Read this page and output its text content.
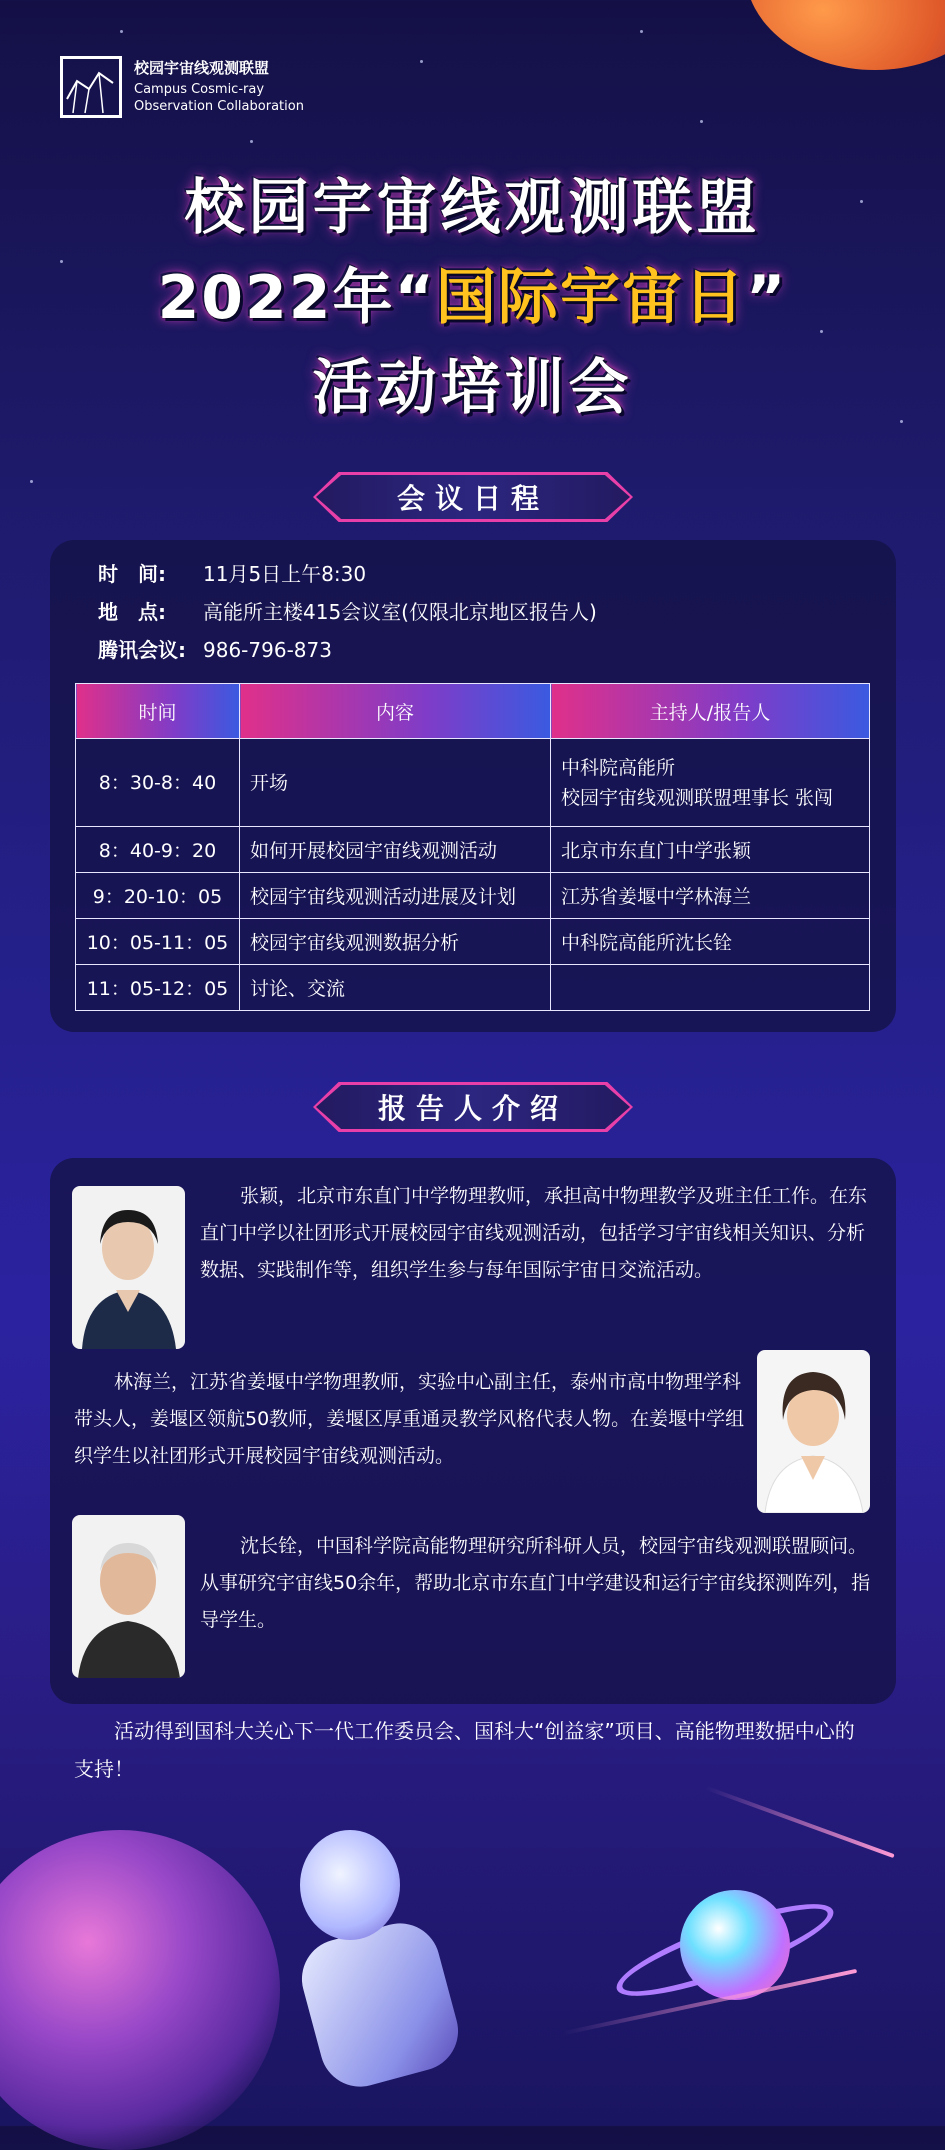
校园宇宙线观测联盟
Campus Cosmic-ray
Observation Collaboration
校园宇宙线观测联盟
2022年“国际宇宙日”
活动培训会
会议日程
时　间: 11月5日上午8:30
地　点: 高能所主楼415会议室(仅限北京地区报告人)
腾讯会议: 986-796-873
时间	内容	主持人/报告人
8：30-8：40	开场	中科院高能所
校园宇宙线观测联盟理事长 张闯

8：40-9：20	如何开展校园宇宙线观测活动	北京市东直门中学张颖
9：20-10：05	校园宇宙线观测活动进展及计划	江苏省姜堰中学林海兰
10：05-11：05	校园宇宙线观测数据分析	中科院高能所沈长铨
11：05-12：05	讨论、交流	
报告人介绍
张颖，北京市东直门中学物理教师，承担高中物理教学及班主任工作。在东直门中学以社团形式开展校园宇宙线观测活动，包括学习宇宙线相关知识、分析数据、实践制作等，组织学生参与每年国际宇宙日交流活动。
林海兰，江苏省姜堰中学物理教师，实验中心副主任，泰州市高中物理学科带头人，姜堰区领航50教师，姜堰区厚重通灵教学风格代表人物。在姜堰中学组织学生以社团形式开展校园宇宙线观测活动。
沈长铨，中国科学院高能物理研究所科研人员，校园宇宙线观测联盟顾问。从事研究宇宙线50余年，帮助北京市东直门中学建设和运行宇宙线探测阵列，指导学生。
活动得到国科大关心下一代工作委员会、国科大“创益家”项目、高能物理数据中心的支持！
